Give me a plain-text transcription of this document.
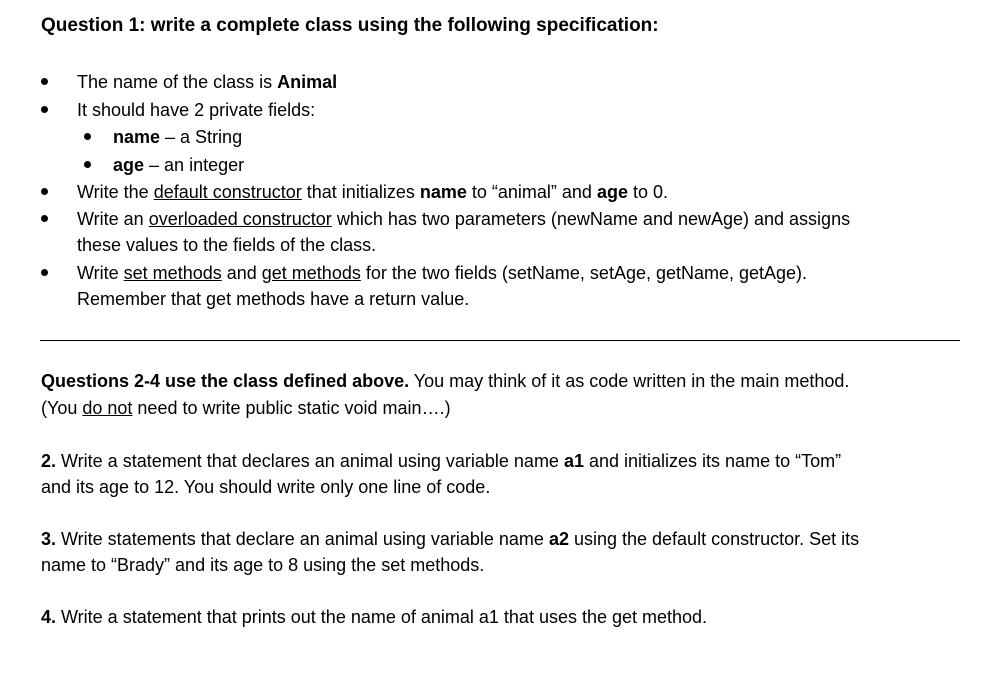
Question 1: write a complete class using the following specification:
The name of the class is Animal
It should have 2 private fields:
name – a String
age – an integer
Write the default constructor that initializes name to “animal” and age to 0.
Write an overloaded constructor which has two parameters (newName and newAge) and assigns
these values to the fields of the class.
Write set methods and get methods for the two fields (setName, setAge, getName, getAge).
Remember that get methods have a return value.
Questions 2-4 use the class defined above. You may think of it as code written in the main method.
(You do not need to write public static void main….)
2. Write a statement that declares an animal using variable name a1 and initializes its name to “Tom”
and its age to 12. You should write only one line of code.
3. Write statements that declare an animal using variable name a2 using the default constructor. Set its
name to “Brady” and its age to 8 using the set methods.
4. Write a statement that prints out the name of animal a1 that uses the get method.
